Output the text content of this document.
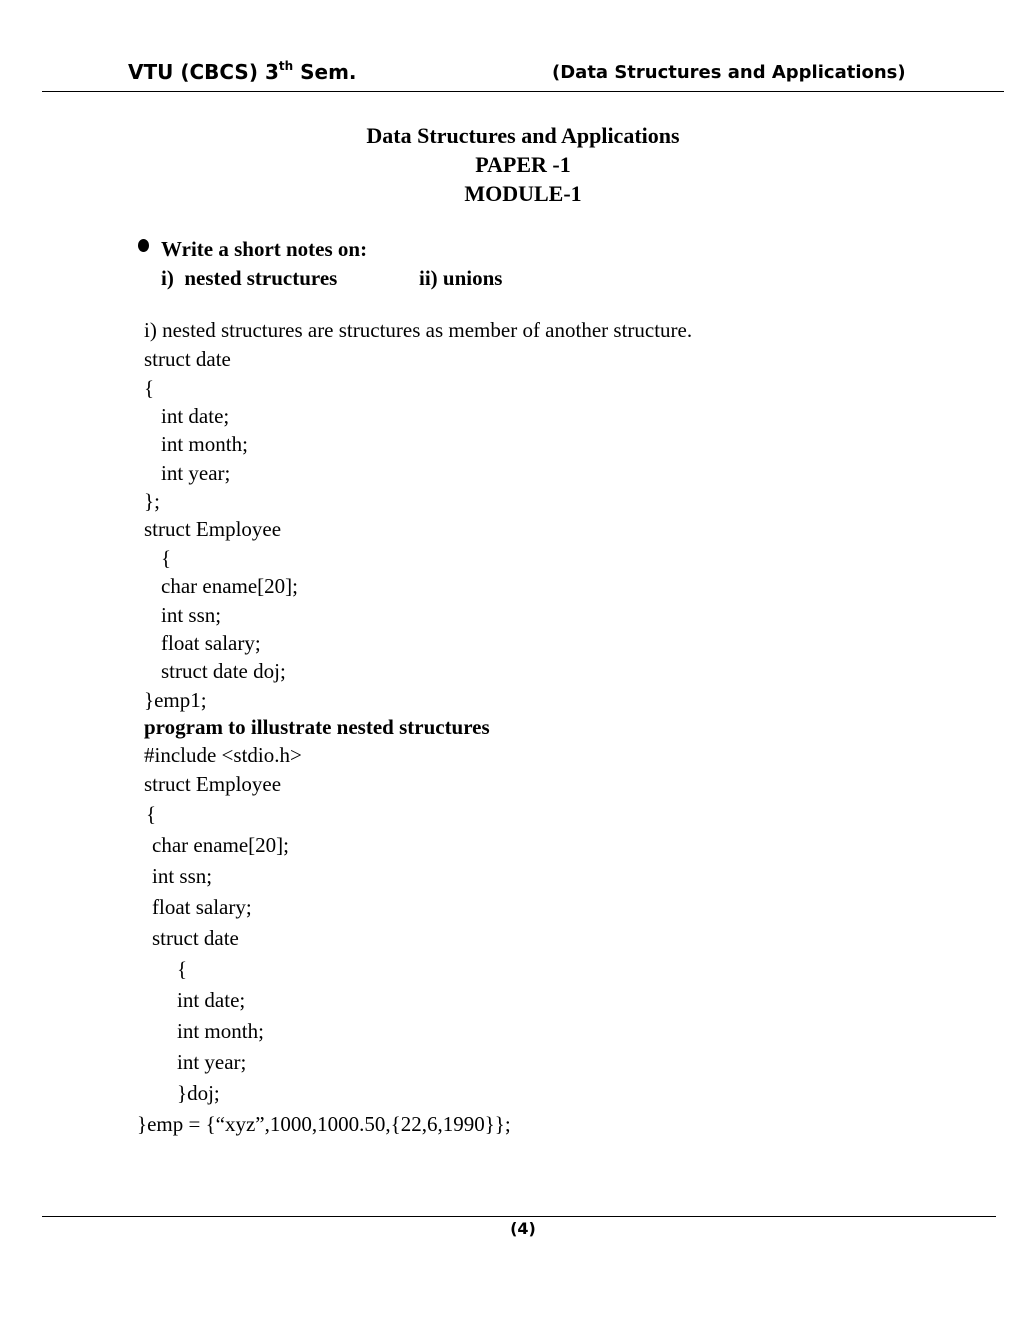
VTU (CBCS) 3th Sem.	(Data Structures and Applications)
Data Structures and Applications
PAPER -1
MODULE-1
Write a short notes on:
i)  nested structures	ii) unions
i) nested structures are structures as member of another structure.
struct date
{
int date;
int month;
int year;
};
struct Employee
{
char ename[20];
int ssn;
float salary;
struct date doj;
}emp1;
program to illustrate nested structures
#include <stdio.h>
struct Employee
{
char ename[20];
int ssn;
float salary;
struct date
{
int date;
int month;
int year;
}doj;
}emp = {“xyz”,1000,1000.50,{22,6,1990}};
(4)
